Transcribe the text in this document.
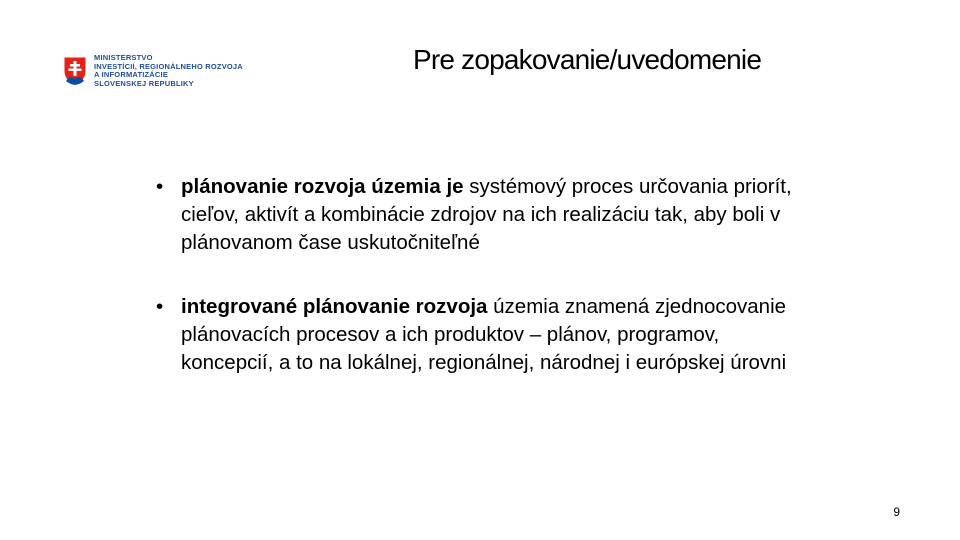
MINISTERSTVO
INVESTÍCIÍ, REGIONÁLNEHO ROZVOJA
A INFORMATIZÁCIE
SLOVENSKEJ REPUBLIKY
Pre zopakovanie/uvedomenie
• plánovanie rozvoja územia je systémový proces určovania priorít, cieľov, aktivít a kombinácie zdrojov na ich realizáciu tak, aby boli v plánovanom čase uskutočniteľné
• integrované plánovanie rozvoja územia znamená zjednocovanie plánovacích procesov a ich produktov – plánov, programov, koncepcií, a to na lokálnej, regionálnej, národnej i európskej úrovni
9
